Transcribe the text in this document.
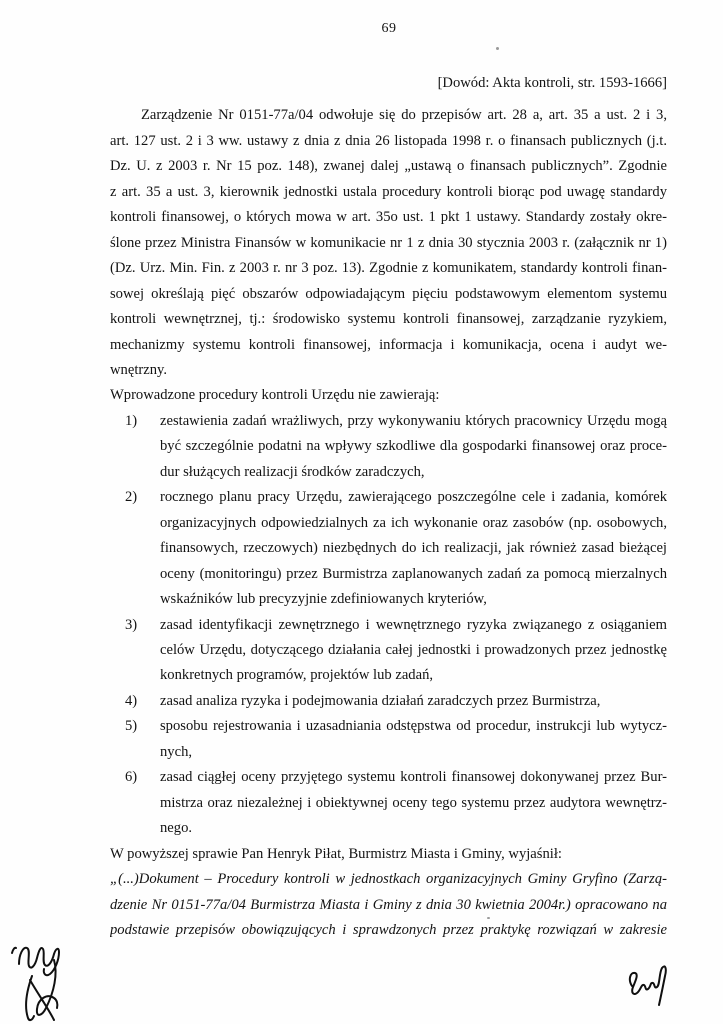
69
[Dowód: Akta kontroli, str. 1593-1666]
Zarządzenie Nr 0151-77a/04 odwołuje się do przepisów art. 28 a, art. 35 a ust. 2 i 3,
art. 127 ust. 2 i 3 ww. ustawy z dnia z dnia 26 listopada 1998 r. o finansach publicznych (j.t.
Dz. U. z 2003 r. Nr 15 poz. 148), zwanej dalej „ustawą o finansach publicznych”. Zgodnie
z art. 35 a ust. 3, kierownik jednostki ustala procedury kontroli biorąc pod uwagę standardy
kontroli finansowej, o których mowa w art. 35o ust. 1 pkt 1 ustawy. Standardy zostały okre-
ślone przez Ministra Finansów w komunikacie nr 1 z dnia 30 stycznia 2003 r. (załącznik nr 1)
(Dz. Urz. Min. Fin. z 2003 r. nr 3 poz. 13). Zgodnie z komunikatem, standardy kontroli finan-
sowej określają pięć obszarów odpowiadającym pięciu podstawowym elementom systemu
kontroli wewnętrznej, tj.: środowisko systemu kontroli finansowej, zarządzanie ryzykiem,
mechanizmy systemu kontroli finansowej, informacja i komunikacja, ocena i audyt we-
wnętrzny.
Wprowadzone procedury kontroli Urzędu nie zawierają:
1) zestawienia zadań wrażliwych, przy wykonywaniu których pracownicy Urzędu mogą
być szczególnie podatni na wpływy szkodliwe dla gospodarki finansowej oraz proce-
dur służących realizacji środków zaradczych,
2) rocznego planu pracy Urzędu, zawierającego poszczególne cele i zadania, komórek
organizacyjnych odpowiedzialnych za ich wykonanie oraz zasobów (np. osobowych,
finansowych, rzeczowych) niezbędnych do ich realizacji, jak również zasad bieżącej
oceny (monitoringu) przez Burmistrza zaplanowanych zadań za pomocą mierzalnych
wskaźników lub precyzyjnie zdefiniowanych kryteriów,
3) zasad identyfikacji zewnętrznego i wewnętrznego ryzyka związanego z osiąganiem
celów Urzędu, dotyczącego działania całej jednostki i prowadzonych przez jednostkę
konkretnych programów, projektów lub zadań,
4) zasad analiza ryzyka i podejmowania działań zaradczych przez Burmistrza,
5) sposobu rejestrowania i uzasadniania odstępstwa od procedur, instrukcji lub wytycz-
nych,
6) zasad ciągłej oceny przyjętego systemu kontroli finansowej dokonywanej przez Bur-
mistrza oraz niezależnej i obiektywnej oceny tego systemu przez audytora wewnętrz-
nego.
W powyższej sprawie Pan Henryk Piłat, Burmistrz Miasta i Gminy, wyjaśnił:
„(...)Dokument – Procedury kontroli w jednostkach organizacyjnych Gminy Gryfino (Zarzą-
dzenie Nr 0151-77a/04 Burmistrza Miasta i Gminy z dnia 30 kwietnia 2004r.) opracowano na
podstawie przepisów obowiązujących i sprawdzonych przez praktykę rozwiązań w zakresie
